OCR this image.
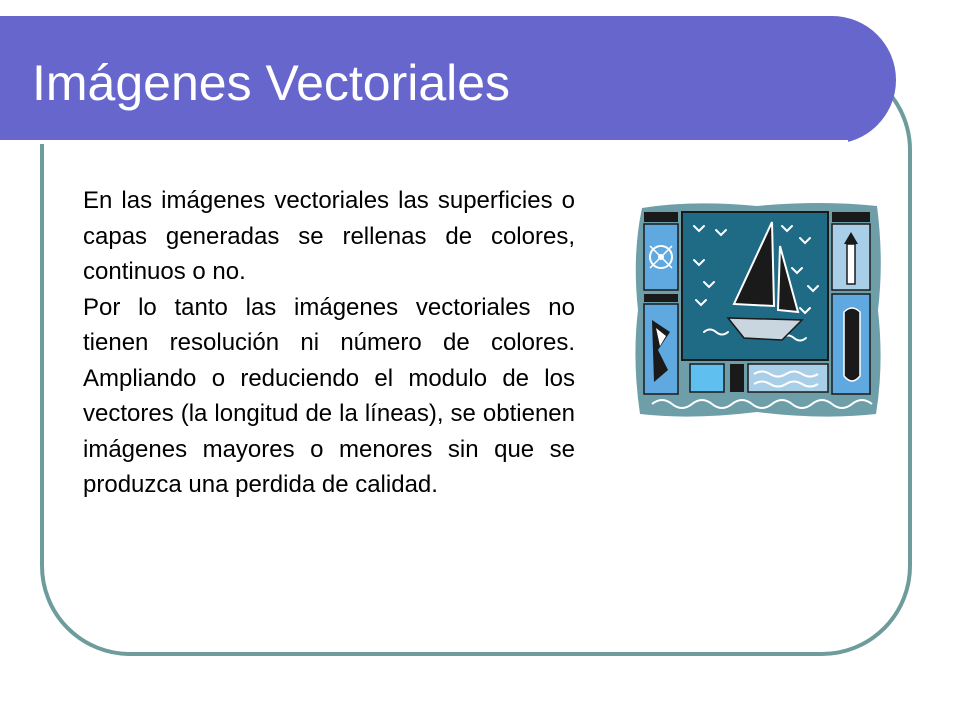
Imágenes Vectoriales

En las imágenes vectoriales las superficies o capas generadas se rellenas de colores, continuos o no.

Por lo tanto las imágenes vectoriales no tienen resolución ni número de colores. Ampliando o reduciendo el modulo de los vectores (la longitud de la líneas), se obtienen imágenes mayores o menores sin que se produzca una perdida de calidad.
